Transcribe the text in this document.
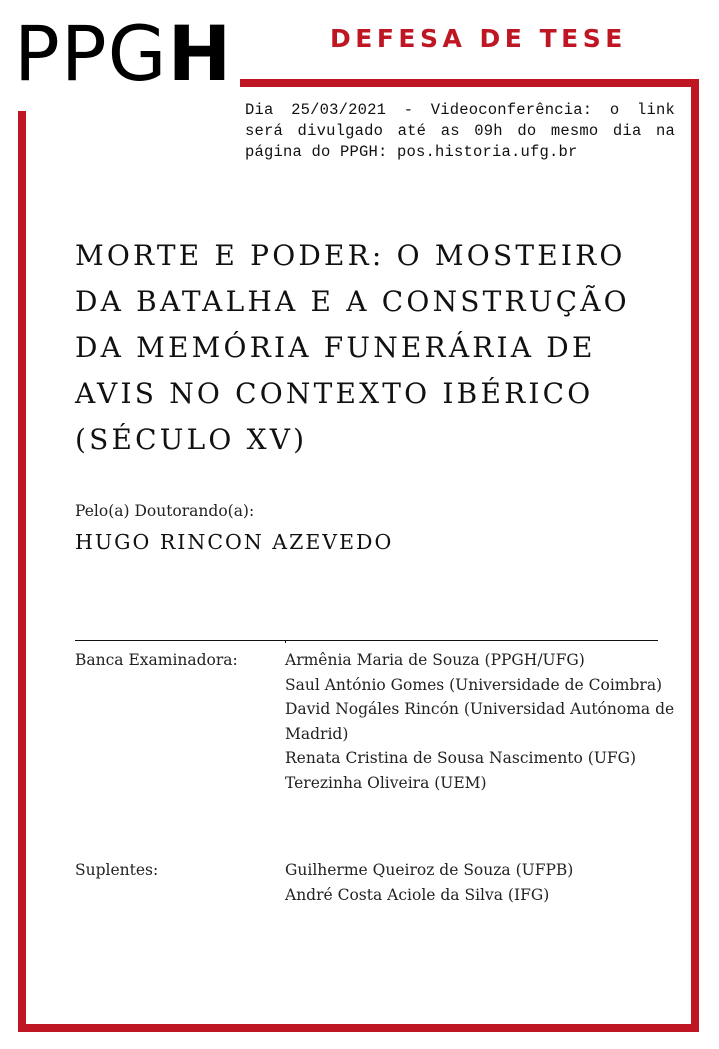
PPGH	DEFESA DE TESE
Dia 25/03/2021 - Videoconferência: o link será divulgado até as 09h do mesmo dia na página do PPGH: pos.historia.ufg.br
MORTE E PODER: O MOSTEIRO
DA BATALHA E A CONSTRUÇÃO
DA MEMÓRIA FUNERÁRIA DE
AVIS NO CONTEXTO IBÉRICO
(SÉCULO XV)
Pelo(a) Doutorando(a):
HUGO RINCON AZEVEDO
Banca Examinadora:	Armênia Maria de Souza (PPGH/UFG)
Saul António Gomes (Universidade de Coimbra)
David Nogáles Rincón (Universidad Autónoma de Madrid)
Renata Cristina de Sousa Nascimento (UFG)
Terezinha Oliveira (UEM)
Suplentes:	Guilherme Queiroz de Souza (UFPB)
André Costa Aciole da Silva (IFG)
